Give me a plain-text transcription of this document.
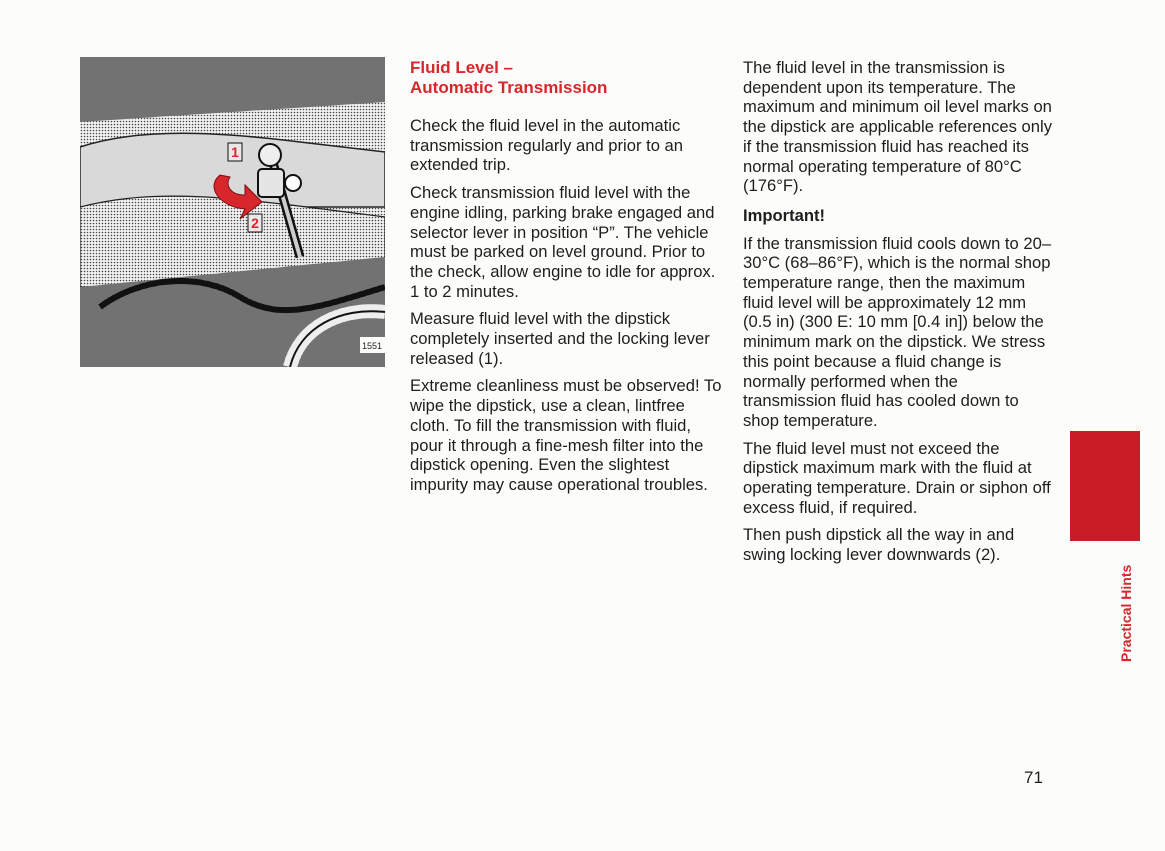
1
2
1551
Fluid Level –
Automatic Transmission

Check the fluid level in the automatic transmission regularly and prior to an extended trip.

Check transmission fluid level with the engine idling, parking brake engaged and selector lever in position “P”. The vehicle must be parked on level ground. Prior to the check, allow engine to idle for approx. 1 to 2 minutes.

Measure fluid level with the dipstick completely inserted and the locking lever released (1).

Extreme cleanliness must be observed! To wipe the dipstick, use a clean, lintfree cloth. To fill the transmission with fluid, pour it through a fine-mesh filter into the dipstick opening. Even the slightest impurity may cause operational troubles.

The fluid level in the transmission is dependent upon its temperature. The maximum and minimum oil level marks on the dipstick are applicable references only if the transmission fluid has reached its normal operating temperature of 80°C (176°F).

Important!

If the transmission fluid cools down to 20–30°C (68–86°F), which is the normal shop temperature range, then the maximum fluid level will be approximately 12 mm (0.5 in) (300 E: 10 mm [0.4 in]) below the minimum mark on the dipstick. We stress this point because a fluid change is normally performed when the transmission fluid has cooled down to shop temperature.

The fluid level must not exceed the dipstick maximum mark with the fluid at operating temperature. Drain or siphon off excess fluid, if required.

Then push dipstick all the way in and swing locking lever downwards (2).

Practical Hints
71
